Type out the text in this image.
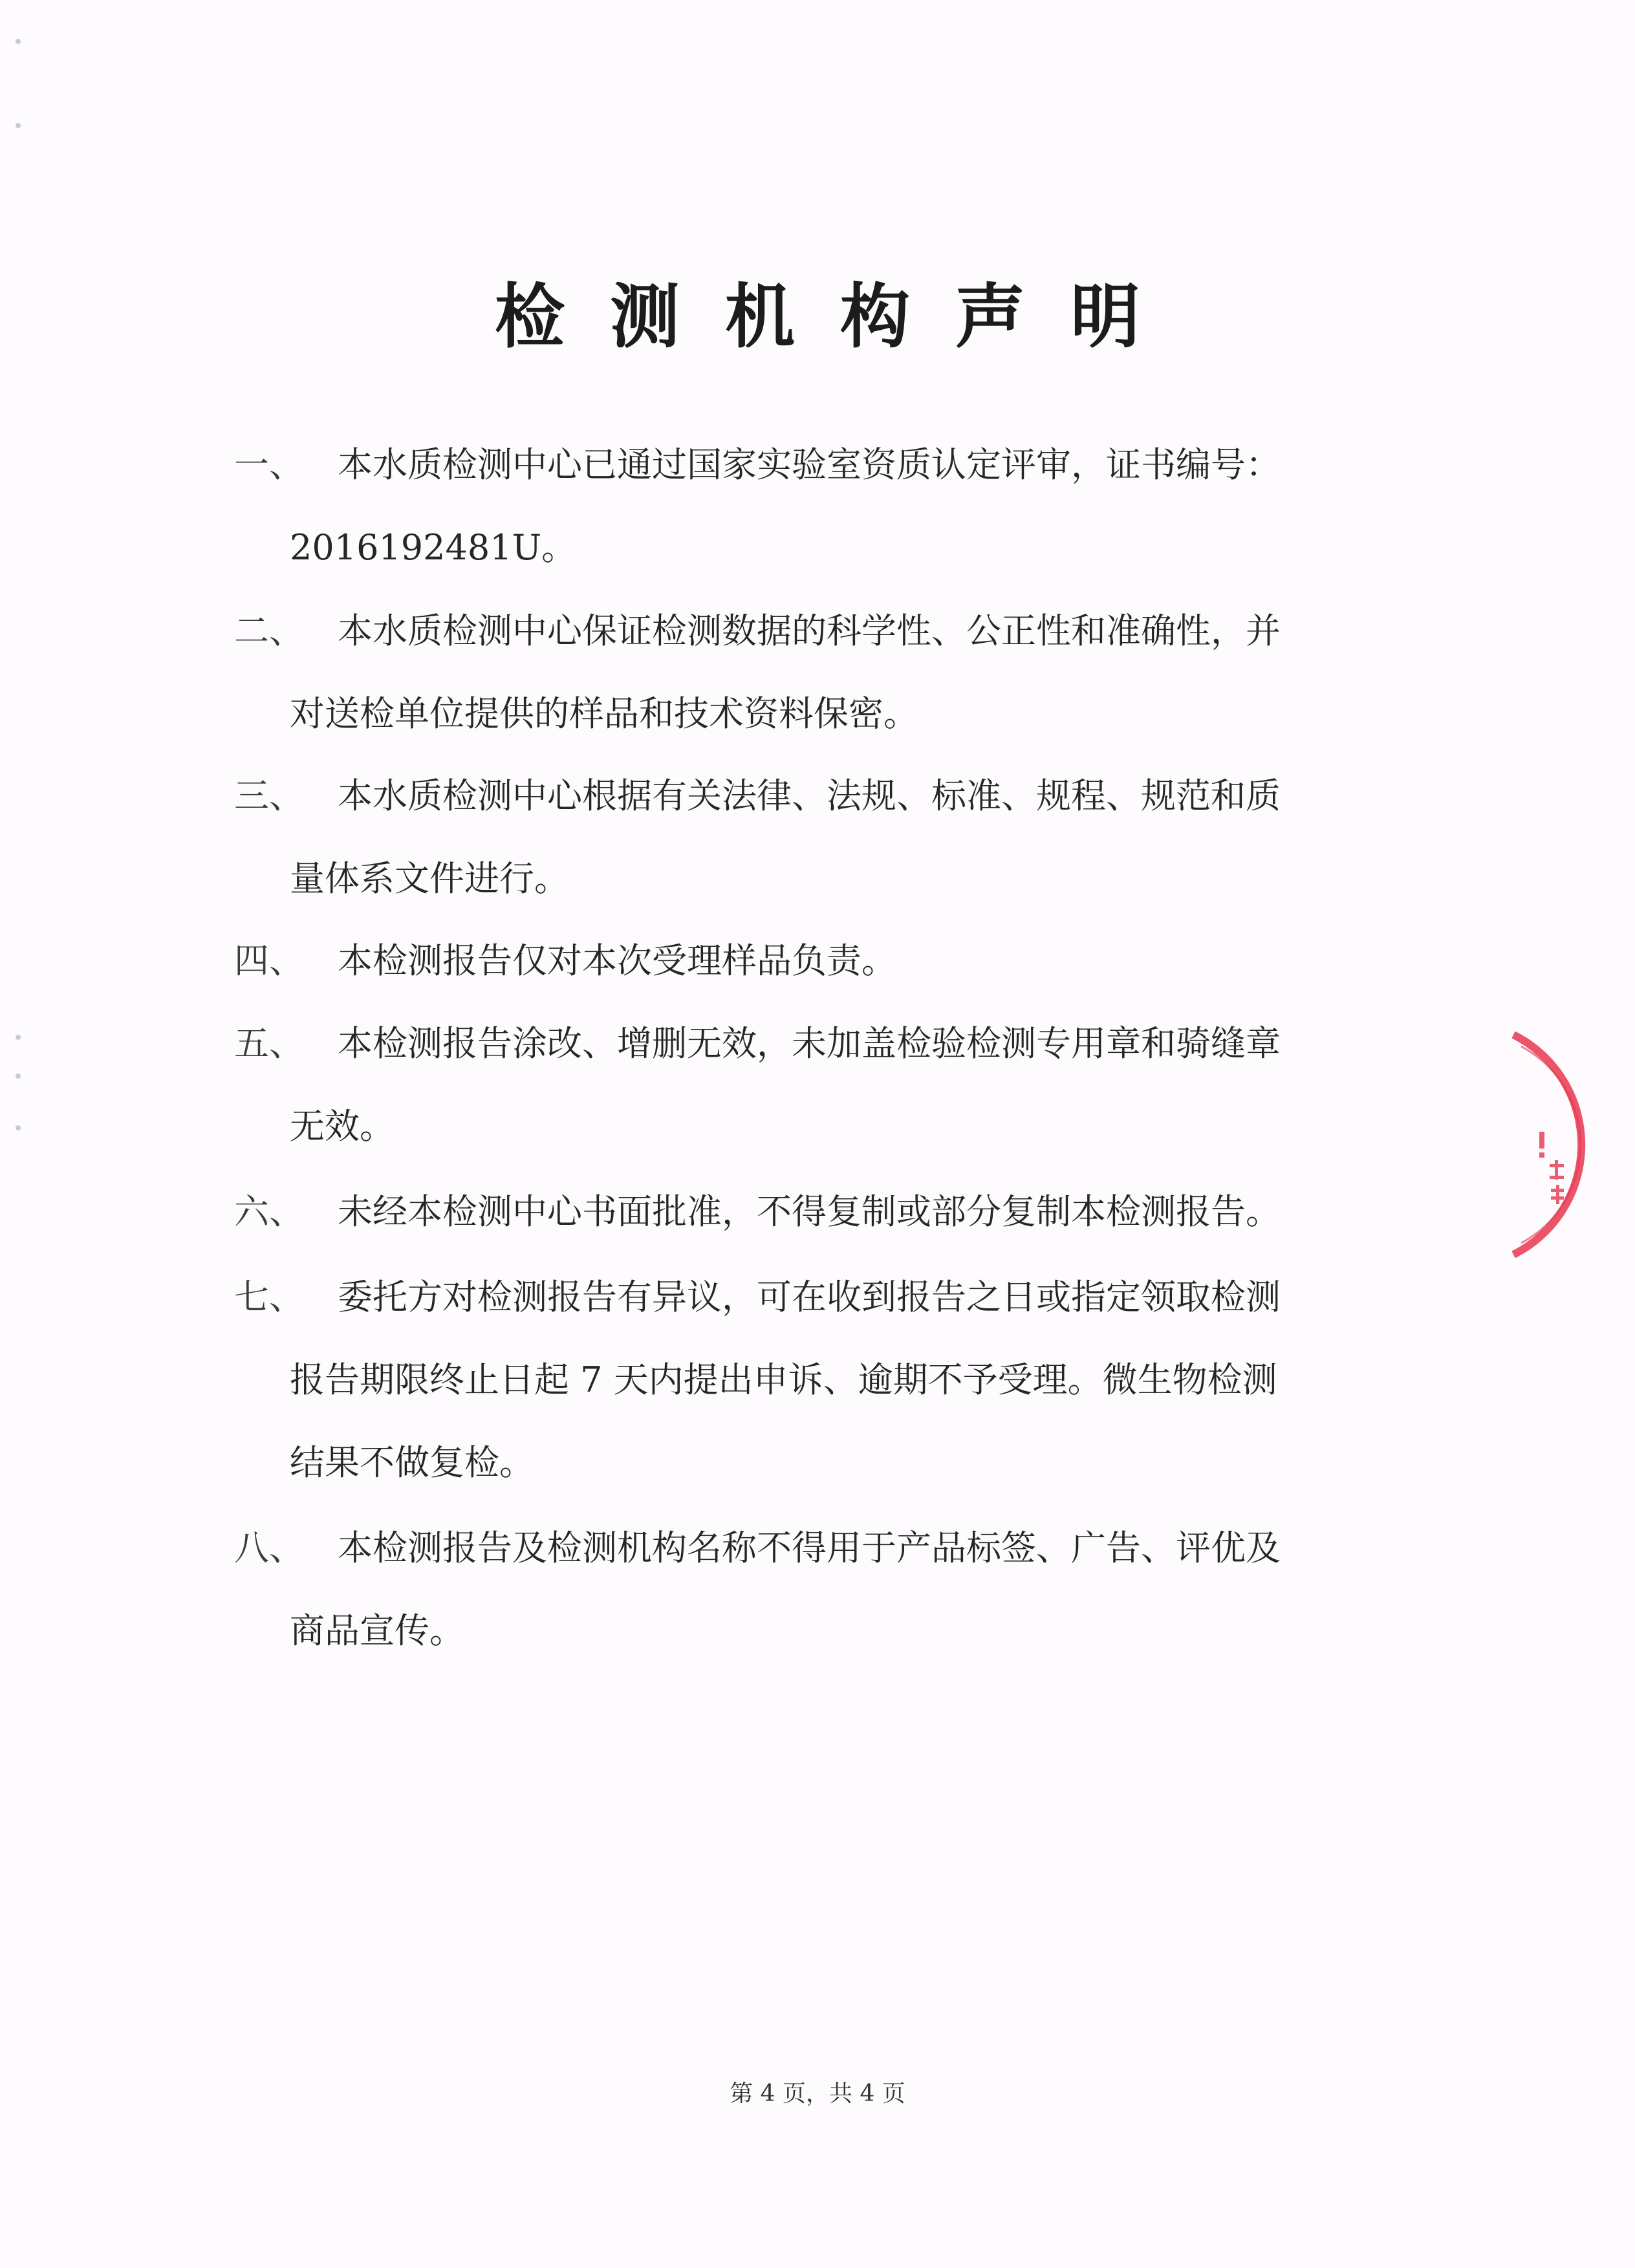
检测机构声明
一、 本水质检测中心已通过国家实验室资质认定评审，证书编号：
2016192481U。
二、 本水质检测中心保证检测数据的科学性、公正性和准确性，并
对送检单位提供的样品和技术资料保密。
三、 本水质检测中心根据有关法律、法规、标准、规程、规范和质
量体系文件进行。
四、 本检测报告仅对本次受理样品负责。
五、 本检测报告涂改、增删无效，未加盖检验检测专用章和骑缝章
无效。
六、 未经本检测中心书面批准，不得复制或部分复制本检测报告。
七、 委托方对检测报告有异议，可在收到报告之日或指定领取检测
报告期限终止日起 7 天内提出申诉、逾期不予受理。微生物检测
结果不做复检。
八、 本检测报告及检测机构名称不得用于产品标签、广告、评优及
商品宣传。
第 4 页，共 4 页
